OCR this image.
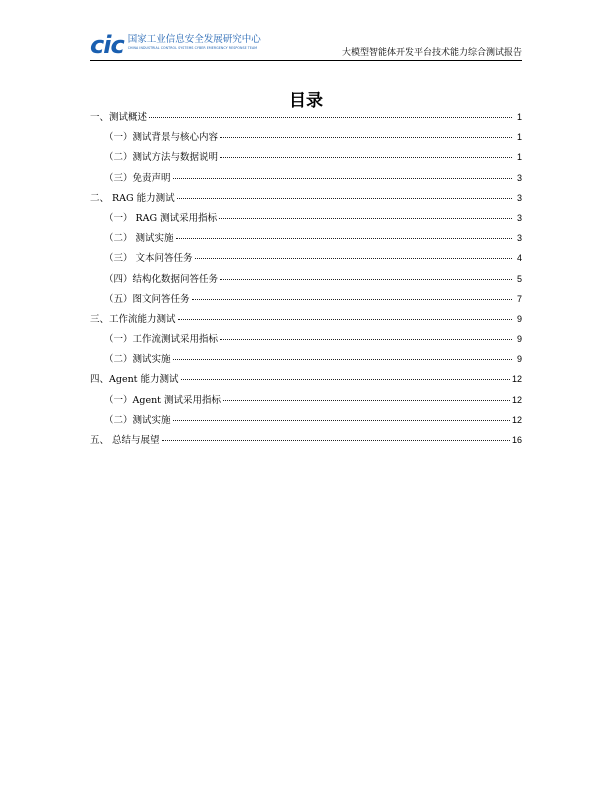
cic 国家工业信息安全发展研究中心
CHINA INDUSTRIAL CONTROL SYSTEMS CYBER EMERGENCY RESPONSE TEAM	大模型智能体开发平台技术能力综合测试报告
目录
一、测试概述	1
（一）测试背景与核心内容	1
（二）测试方法与数据说明	1
（三）免责声明	3
二、 RAG 能力测试	3
（一） RAG 测试采用指标	3
（二） 测试实施	3
（三） 文本问答任务	4
（四）结构化数据问答任务	5
（五）图文问答任务	7
三、工作流能力测试	9
（一）工作流测试采用指标	9
（二）测试实施	9
四、Agent 能力测试	12
（一）Agent 测试采用指标	12
（二）测试实施	12
五、 总结与展望	16
